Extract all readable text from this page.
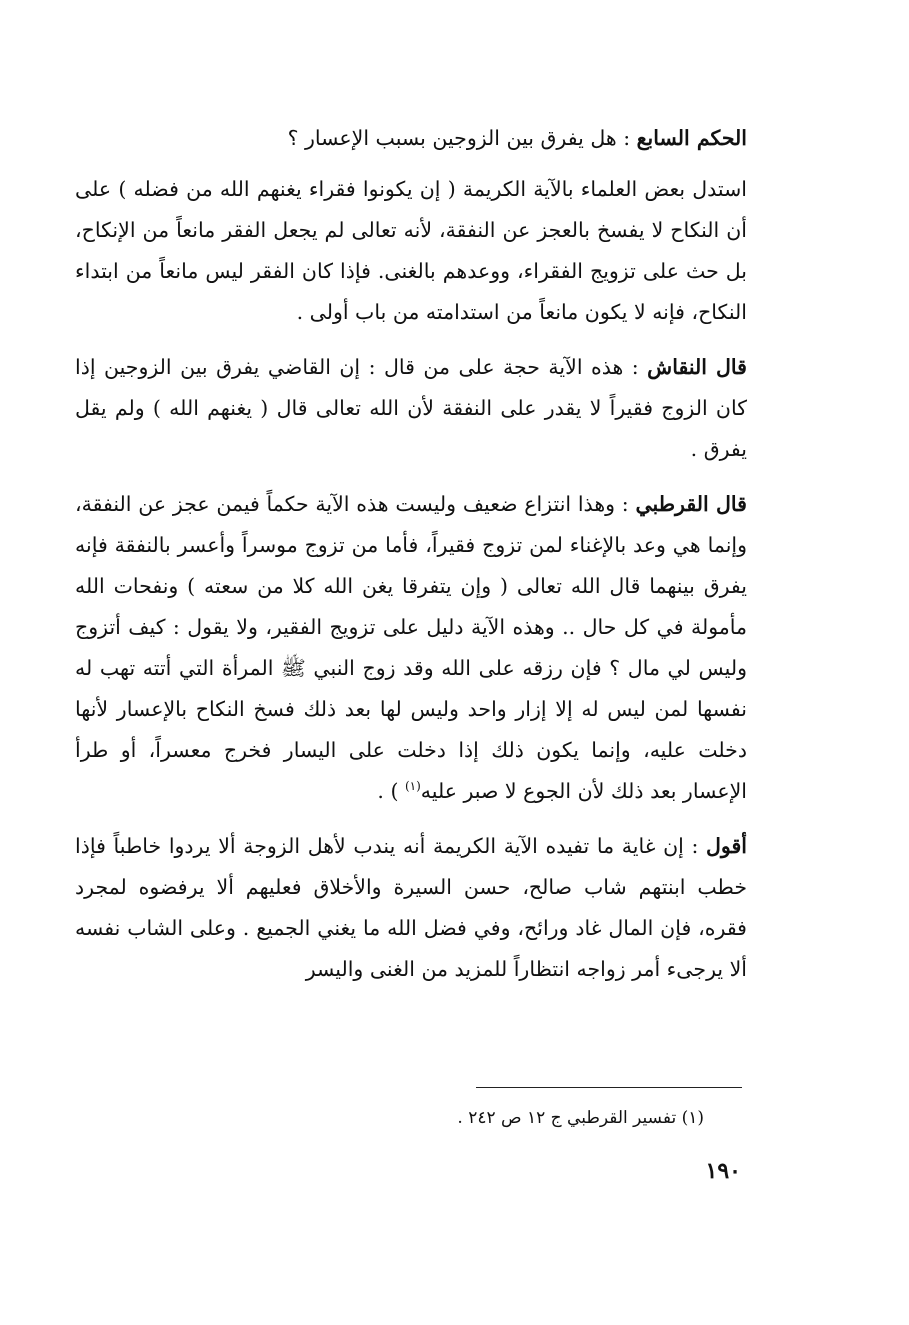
الحكم السابع : هل يفرق بين الزوجين بسبب الإعسار ؟

استدل بعض العلماء بالآية الكريمة ( إن يكونوا فقراء يغنهم الله من فضله ) على أن النكاح لا يفسخ بالعجز عن النفقة، لأنه تعالى لم يجعل الفقر مانعاً من الإنكاح، بل حث على تزويج الفقراء، ووعدهم بالغنى. فإذا كان الفقر ليس مانعاً من ابتداء النكاح، فإنه لا يكون مانعاً من استدامته من باب أولى .

قال النقاش : هذه الآية حجة على من قال : إن القاضي يفرق بين الزوجين إذا كان الزوج فقيراً لا يقدر على النفقة لأن الله تعالى قال ( يغنهم الله ) ولم يقل يفرق .

قال القرطبي : وهذا انتزاع ضعيف وليست هذه الآية حكماً فيمن عجز عن النفقة، وإنما هي وعد بالإغناء لمن تزوج فقيراً، فأما من تزوج موسراً وأعسر بالنفقة فإنه يفرق بينهما قال الله تعالى ( وإن يتفرقا يغن الله كلا من سعته ) ونفحات الله مأمولة في كل حال .. وهذه الآية دليل على تزويج الفقير، ولا يقول : كيف أتزوج وليس لي مال ؟ فإن رزقه على الله وقد زوج النبي ﷺ المرأة التي أتته تهب له نفسها لمن ليس له إلا إزار واحد وليس لها بعد ذلك فسخ النكاح بالإعسار لأنها دخلت عليه، وإنما يكون ذلك إذا دخلت على اليسار فخرج معسراً، أو طرأ الإعسار بعد ذلك لأن الجوع لا صبر عليه$^{(١)}$ ) .

أقول : إن غاية ما تفيده الآية الكريمة أنه يندب لأهل الزوجة ألا يردوا خاطباً فإذا خطب ابنتهم شاب صالح، حسن السيرة والأخلاق فعليهم ألا يرفضوه لمجرد فقره، فإن المال غاد ورائح، وفي فضل الله ما يغني الجميع . وعلى الشاب نفسه ألا يرجىء أمر زواجه انتظاراً للمزيد من الغنى واليسر

(١) تفسير القرطبي ج ١٢ ص ٢٤٢ .
١٩٠
